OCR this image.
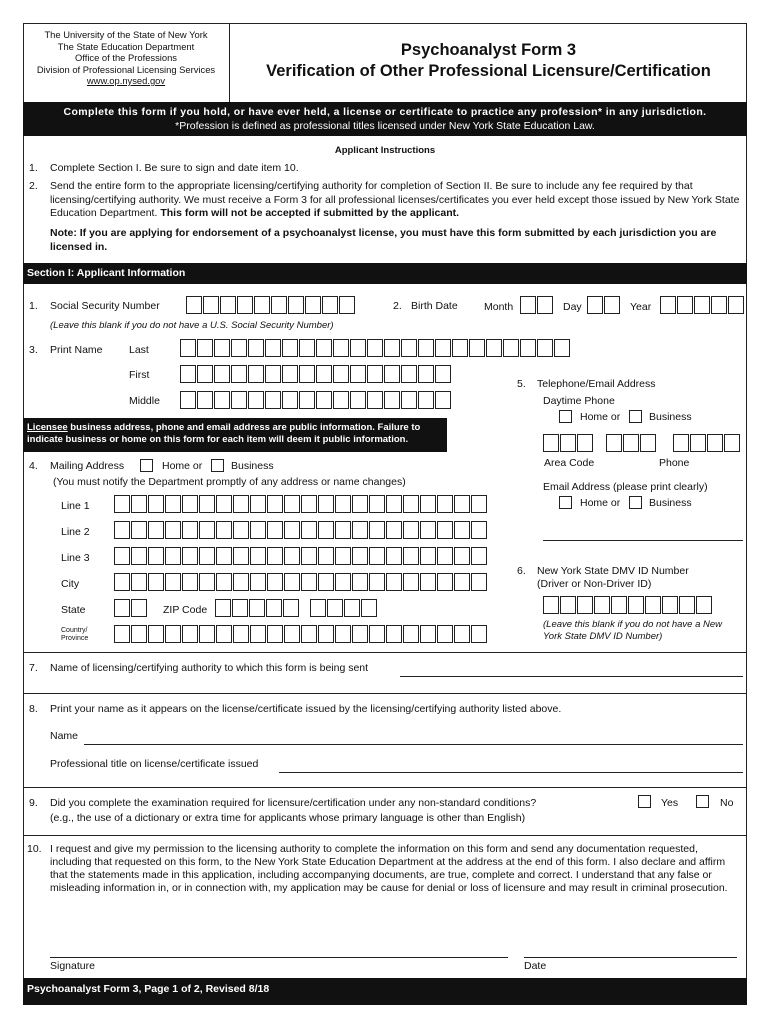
The University of the State of New York
The State Education Department
Office of the Professions
Division of Professional Licensing Services
www.op.nysed.gov
Psychoanalyst Form 3
Verification of Other Professional Licensure/Certification
Complete this form if you hold, or have ever held, a license or certificate to practice any profession* in any jurisdiction.
*Profession is defined as professional titles licensed under New York State Education Law.
Applicant Instructions
1. Complete Section I. Be sure to sign and date item 10.
2. Send the entire form to the appropriate licensing/certifying authority for completion of Section II. Be sure to include any fee required by that licensing/certifying authority. We must receive a Form 3 for all professional licenses/certificates you ever held except those issued by New York State Education Department. This form will not be accepted if submitted by the applicant.
Note: If you are applying for endorsement of a psychoanalyst license, you must have this form submitted by each jurisdiction you are licensed in.
Section I: Applicant Information
1. Social Security Number
(Leave this blank if you do not have a U.S. Social Security Number)
2. Birth Date	Month	Day	Year
3. Print Name	Last
First
Middle
Licensee business address, phone and email address are public information. Failure to indicate business or home on this form for each item will deem it public information.
4. Mailing Address	Home or	Business
(You must notify the Department promptly of any address or name changes)
Line 1
Line 2
Line 3
City
State	ZIP Code
Country/ Province
5. Telephone/Email Address
Daytime Phone
Home or	Business
Area Code	Phone
Email Address (please print clearly)
Home or	Business
6. New York State DMV ID Number
(Driver or Non-Driver ID)
(Leave this blank if you do not have a New York State DMV ID Number)
7. Name of licensing/certifying authority to which this form is being sent
8. Print your name as it appears on the license/certificate issued by the licensing/certifying authority listed above.
Name
Professional title on license/certificate issued
9. Did you complete the examination required for licensure/certification under any non-standard conditions?
(e.g., the use of a dictionary or extra time for applicants whose primary language is other than English)
Yes	No
10. I request and give my permission to the licensing authority to complete the information on this form and send any documentation requested, including that requested on this form, to the New York State Education Department at the address at the end of this form. I also declare and affirm that the statements made in this application, including accompanying documents, are true, complete and correct. I understand that any false or misleading information in, or in connection with, my application may be cause for denial or loss of licensure and may result in criminal prosecution.
Signature	Date
Psychoanalyst Form 3, Page 1 of 2, Revised 8/18
